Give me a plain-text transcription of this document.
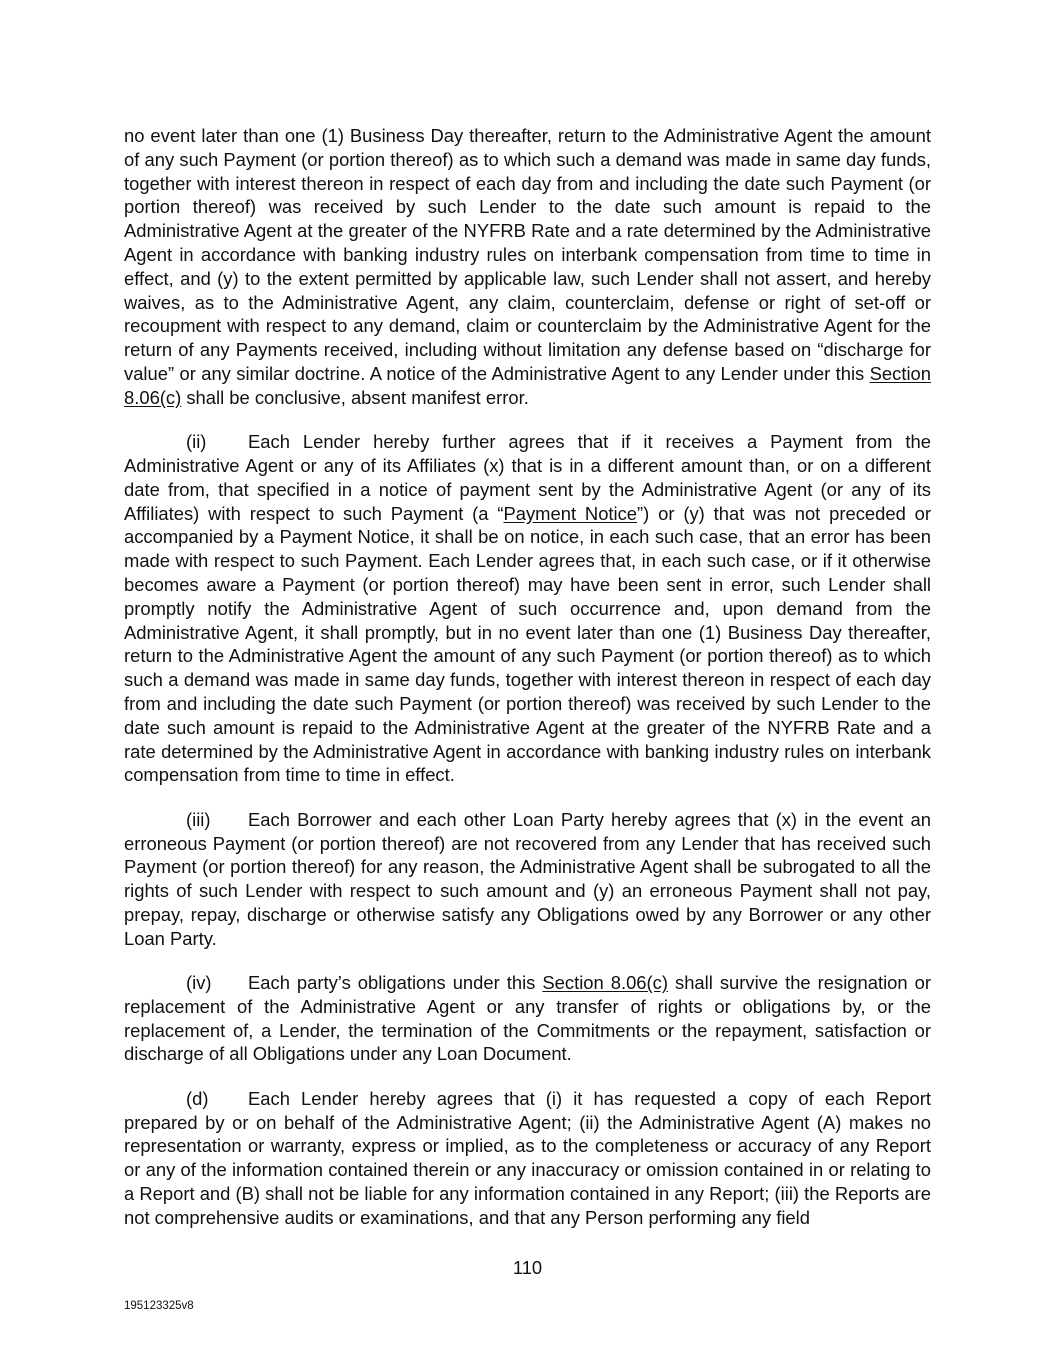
no event later than one (1) Business Day thereafter, return to the Administrative Agent the amount of any such Payment (or portion thereof) as to which such a demand was made in same day funds, together with interest thereon in respect of each day from and including the date such Payment (or portion thereof) was received by such Lender to the date such amount is repaid to the Administrative Agent at the greater of the NYFRB Rate and a rate determined by the Administrative Agent in accordance with banking industry rules on interbank compensation from time to time in effect, and (y) to the extent permitted by applicable law, such Lender shall not assert, and hereby waives, as to the Administrative Agent, any claim, counterclaim, defense or right of set-off or recoupment with respect to any demand, claim or counterclaim by the Administrative Agent for the return of any Payments received, including without limitation any defense based on “discharge for value” or any similar doctrine. A notice of the Administrative Agent to any Lender under this Section 8.06(c) shall be conclusive, absent manifest error.

(ii) Each Lender hereby further agrees that if it receives a Payment from the Administrative Agent or any of its Affiliates (x) that is in a different amount than, or on a different date from, that specified in a notice of payment sent by the Administrative Agent (or any of its Affiliates) with respect to such Payment (a “Payment Notice”) or (y) that was not preceded or accompanied by a Payment Notice, it shall be on notice, in each such case, that an error has been made with respect to such Payment. Each Lender agrees that, in each such case, or if it otherwise becomes aware a Payment (or portion thereof) may have been sent in error, such Lender shall promptly notify the Administrative Agent of such occurrence and, upon demand from the Administrative Agent, it shall promptly, but in no event later than one (1) Business Day thereafter, return to the Administrative Agent the amount of any such Payment (or portion thereof) as to which such a demand was made in same day funds, together with interest thereon in respect of each day from and including the date such Payment (or portion thereof) was received by such Lender to the date such amount is repaid to the Administrative Agent at the greater of the NYFRB Rate and a rate determined by the Administrative Agent in accordance with banking industry rules on interbank compensation from time to time in effect.

(iii) Each Borrower and each other Loan Party hereby agrees that (x) in the event an erroneous Payment (or portion thereof) are not recovered from any Lender that has received such Payment (or portion thereof) for any reason, the Administrative Agent shall be subrogated to all the rights of such Lender with respect to such amount and (y) an erroneous Payment shall not pay, prepay, repay, discharge or otherwise satisfy any Obligations owed by any Borrower or any other Loan Party.

(iv) Each party’s obligations under this Section 8.06(c) shall survive the resignation or replacement of the Administrative Agent or any transfer of rights or obligations by, or the replacement of, a Lender, the termination of the Commitments or the repayment, satisfaction or discharge of all Obligations under any Loan Document.

(d) Each Lender hereby agrees that (i) it has requested a copy of each Report prepared by or on behalf of the Administrative Agent; (ii) the Administrative Agent (A) makes no representation or warranty, express or implied, as to the completeness or accuracy of any Report or any of the information contained therein or any inaccuracy or omission contained in or relating to a Report and (B) shall not be liable for any information contained in any Report; (iii) the Reports are not comprehensive audits or examinations, and that any Person performing any field

110
195123325v8
